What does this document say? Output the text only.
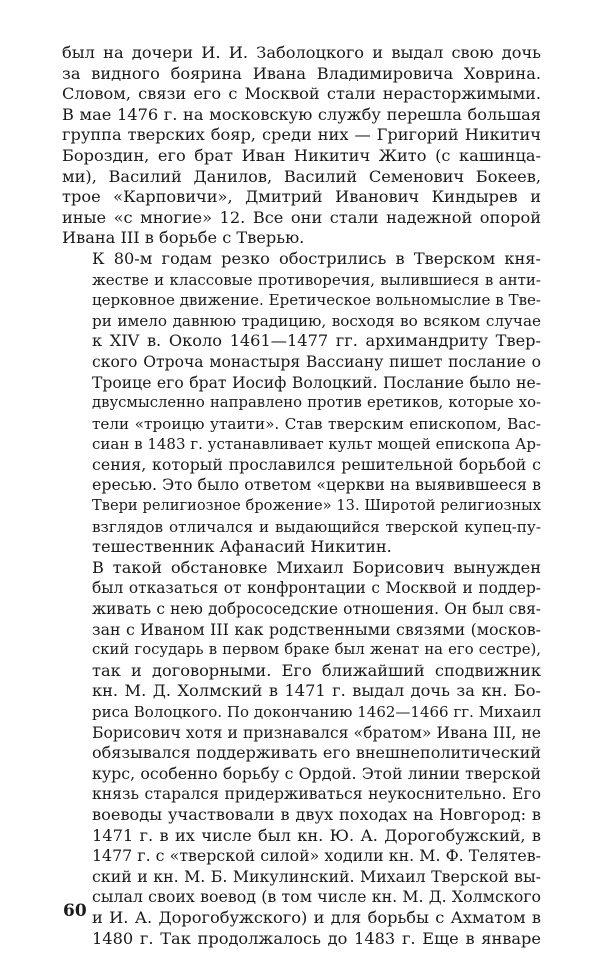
был на дочери И. И. Заболоцкого и выдал свою дочь
за видного боярина Ивана Владимировича Ховрина.
Словом, связи его с Москвой стали нерасторжимыми.
В мае 1476 г. на московскую службу перешла большая
группа тверских бояр, среди них — Григорий Никитич
Бороздин, его брат Иван Никитич Жито (с кашинца-
ми), Василий Данилов, Василий Семенович Бокеев,
трое «Карповичи», Дмитрий Иванович Киндырев и
иные «с многие» 12. Все они стали надежной опорой
Ивана III в борьбе с Тверью.
К 80-м годам резко обострились в Тверском кня-
жестве и классовые противоречия, вылившиеся в анти-
церковное движение. Еретическое вольномыслие в Тве-
ри имело давнюю традицию, восходя во всяком случае
к XIV в. Около 1461—1477 гг. архимандриту Твер-
ского Отроча монастыря Вассиану пишет послание о
Троице его брат Иосиф Волоцкий. Послание было не-
двусмысленно направлено против еретиков, которые хо-
тели «троицю утаити». Став тверским епископом, Вас-
сиан в 1483 г. устанавливает культ мощей епископа Ар-
сения, который прославился решительной борьбой с
ересью. Это было ответом «церкви на выявившееся в
Твери религиозное брожение» 13. Широтой религиозных
взглядов отличался и выдающийся тверской купец-пу-
тешественник Афанасий Никитин.
В такой обстановке Михаил Борисович вынужден
был отказаться от конфронтации с Москвой и поддер-
живать с нею добрососедские отношения. Он был свя-
зан с Иваном III как родственными связями (москов-
ский государь в первом браке был женат на его сестре),
так и договорными. Его ближайший сподвижник
кн. М. Д. Холмский в 1471 г. выдал дочь за кн. Бо-
риса Волоцкого. По докончанию 1462—1466 гг. Михаил
Борисович хотя и признавался «братом» Ивана III, не
обязывался поддерживать его внешнеполитический
курс, особенно борьбу с Ордой. Этой линии тверской
князь старался придерживаться неукоснительно. Его
воеводы участвовали в двух походах на Новгород: в
1471 г. в их числе был кн. Ю. А. Дорогобужский, в
1477 г. с «тверской силой» ходили кн. М. Ф. Телятев-
ский и кн. М. Б. Микулинский. Михаил Тверской вы-
сылал своих воевод (в том числе кн. М. Д. Холмского
и И. А. Дорогобужского) и для борьбы с Ахматом в
1480 г. Так продолжалось до 1483 г. Еще в январе
60
